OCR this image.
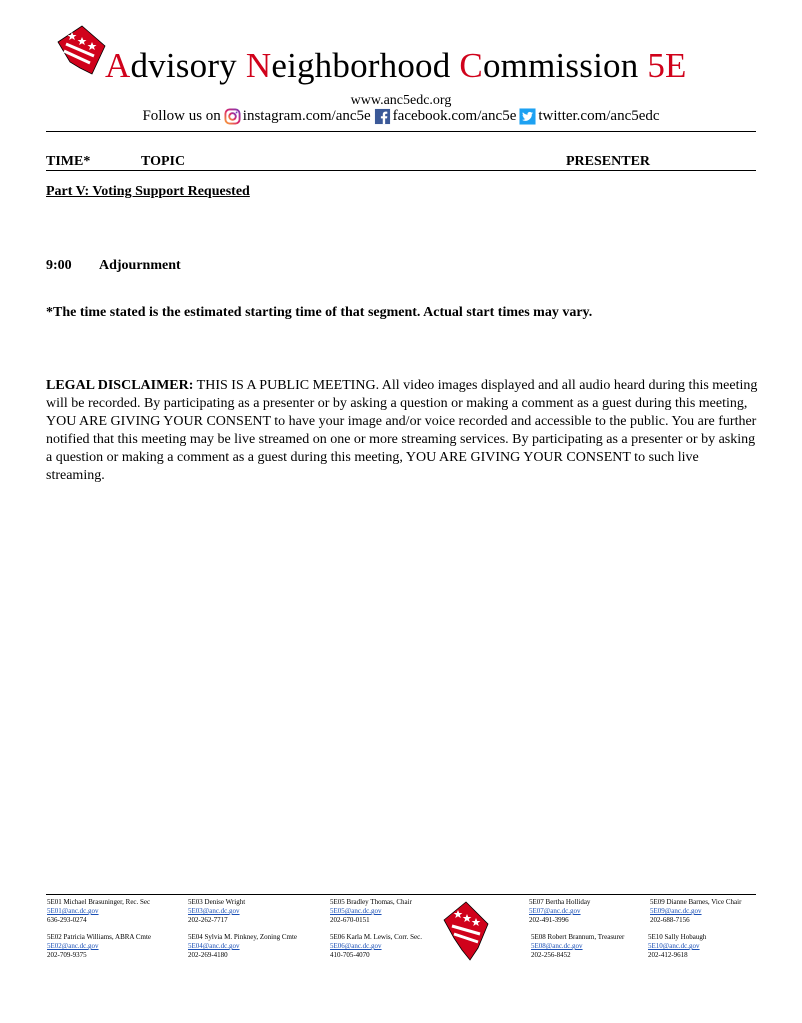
Advisory Neighborhood Commission 5E
www.anc5edc.org
Follow us on instagram.com/anc5e facebook.com/anc5e twitter.com/anc5edc
TIME*	TOPIC	PRESENTER
Part V: Voting Support Requested
9:00 Adjournment
*The time stated is the estimated starting time of that segment. Actual start times may vary.
LEGAL DISCLAIMER: THIS IS A PUBLIC MEETING. All video images displayed and all audio heard during this meeting will be recorded. By participating as a presenter or by asking a question or making a comment as a guest during this meeting, YOU ARE GIVING YOUR CONSENT to have your image and/or voice recorded and accessible to the public. You are further notified that this meeting may be live streamed on one or more streaming services. By participating as a presenter or by asking a question or making a comment as a guest during this meeting, YOU ARE GIVING YOUR CONSENT to such live streaming.
5E01 Michael Brasuninger, Rec. Sec
5E01@anc.dc.gov
636-293-0274
5E03 Denise Wright
5E03@anc.dc.gov
202-262-7717
5E05 Bradley Thomas, Chair
5E05@anc.dc.gov
202-670-0151
5E07 Bertha Holliday
5E07@anc.dc.gov
202-491-3996
5E09 Dianne Barnes, Vice Chair
5E09@anc.dc.gov
202-688-7156
5E02 Patricia Williams, ABRA Cmte
5E02@anc.dc.gov
202-709-9375
5E04 Sylvia M. Pinkney, Zoning Cmte
5E04@anc.dc.gov
202-269-4180
5E06 Karla M. Lewis, Corr. Sec.
5E06@anc.dc.gov
410-705-4070
5E08 Robert Brannum, Treasurer
5E08@anc.dc.gov
202-256-8452
5E10 Sally Hobaugh
5E10@anc.dc.gov
202-412-9618
